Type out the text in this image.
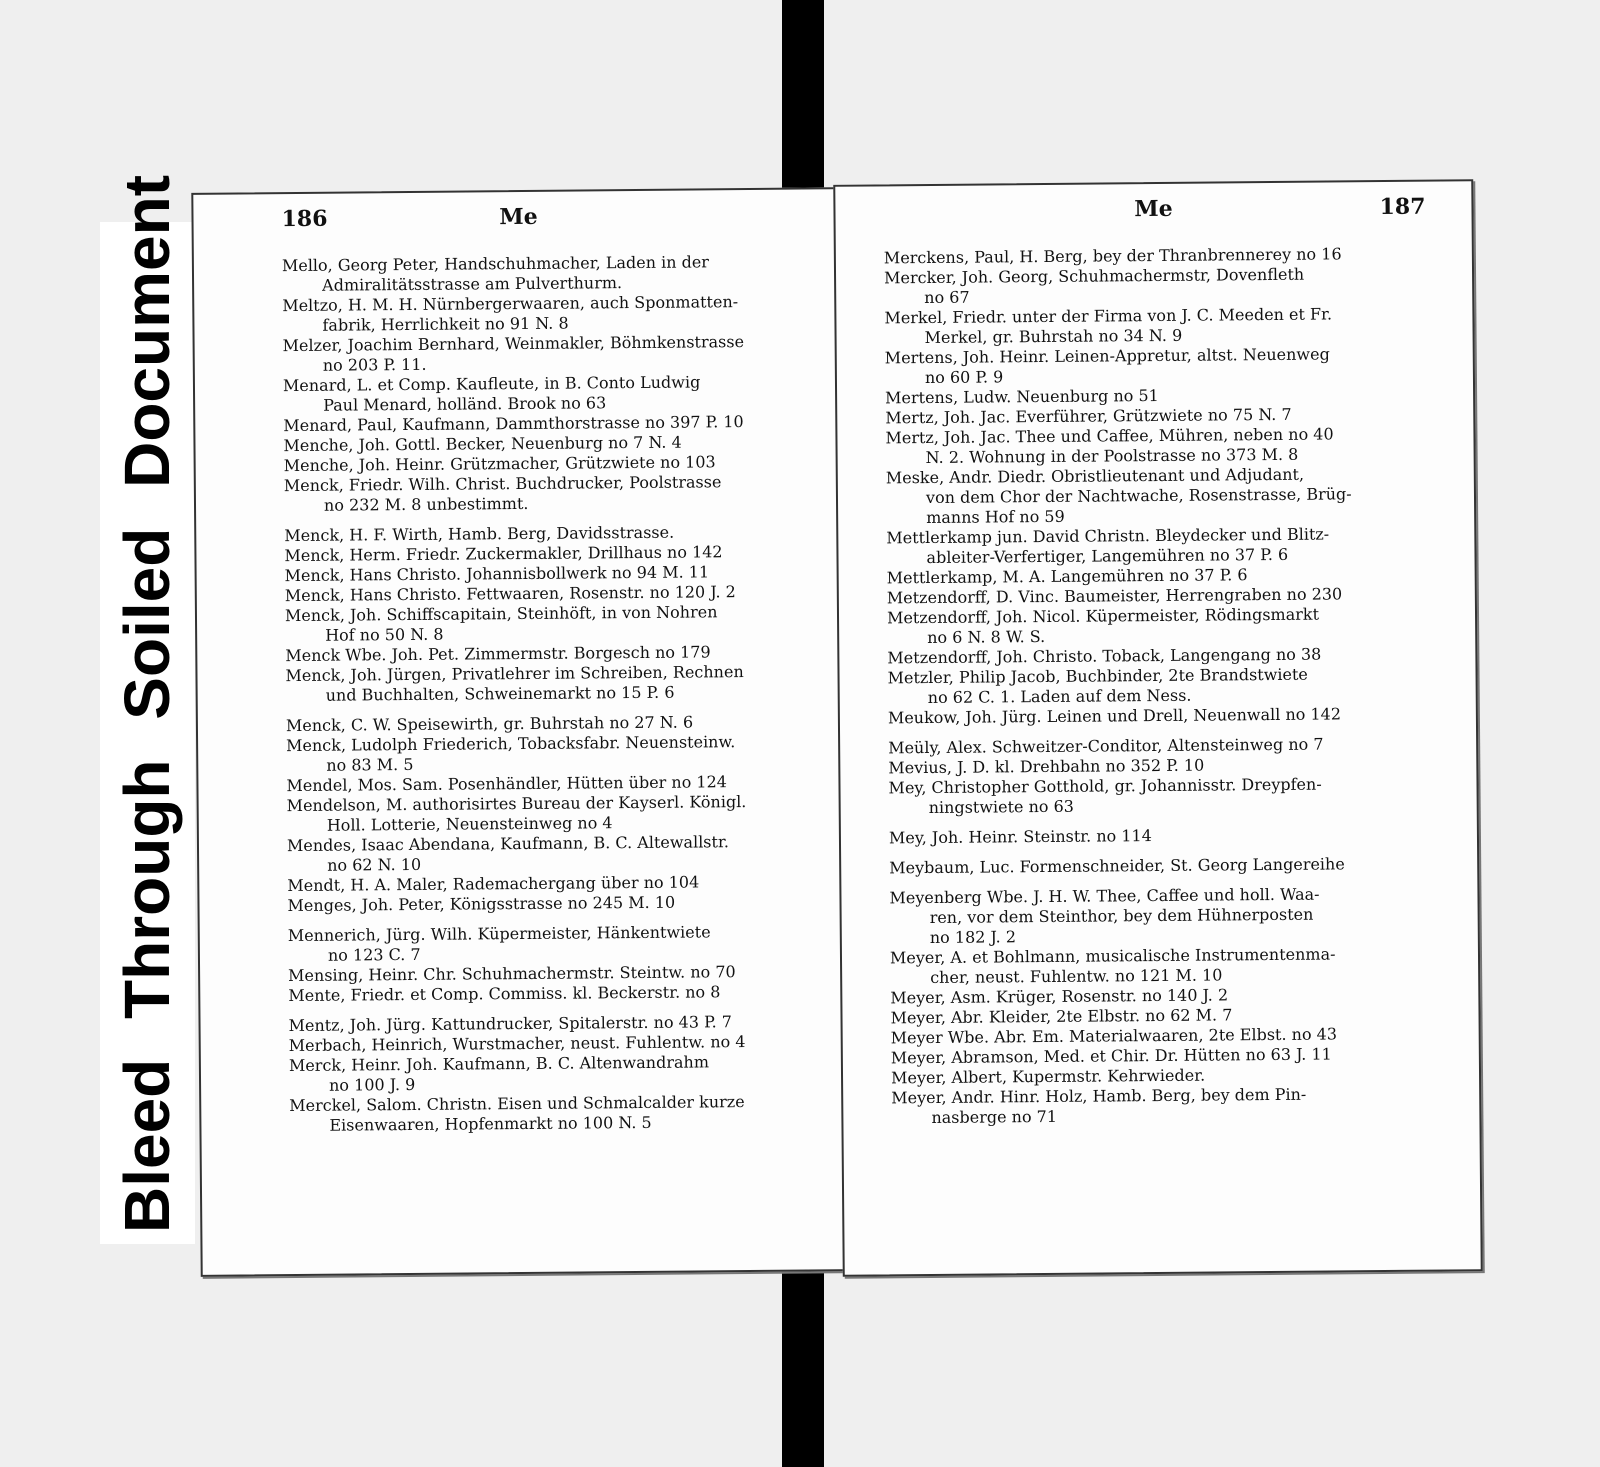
Bleed Through Soiled Document	186	Me
Mello, Georg Peter, Handschuhmacher, Laden in der
Admiralitätsstrasse am Pulverthurm.
Meltzo, H. M. H. Nürnbergerwaaren, auch Sponmatten-
fabrik, Herrlichkeit no 91 N. 8
Melzer, Joachim Bernhard, Weinmakler, Böhmkenstrasse
no 203 P. 11.
Menard, L. et Comp. Kaufleute, in B. Conto Ludwig
Paul Menard, holländ. Brook no 63
Menard, Paul, Kaufmann, Dammthorstrasse no 397 P. 10
Menche, Joh. Gottl. Becker, Neuenburg no 7 N. 4
Menche, Joh. Heinr. Grützmacher, Grützwiete no 103
Menck, Friedr. Wilh. Christ. Buchdrucker, Poolstrasse
no 232 M. 8 unbestimmt.
Menck, H. F. Wirth, Hamb. Berg, Davidsstrasse.
Menck, Herm. Friedr. Zuckermakler, Drillhaus no 142
Menck, Hans Christo. Johannisbollwerk no 94 M. 11
Menck, Hans Christo. Fettwaaren, Rosenstr. no 120 J. 2
Menck, Joh. Schiffscapitain, Steinhöft, in von Nohren
Hof no 50 N. 8
Menck Wbe. Joh. Pet. Zimmermstr. Borgesch no 179
Menck, Joh. Jürgen, Privatlehrer im Schreiben, Rechnen
und Buchhalten, Schweinemarkt no 15 P. 6
Menck, C. W. Speisewirth, gr. Buhrstah no 27 N. 6
Menck, Ludolph Friederich, Tobacksfabr. Neuensteinw.
no 83 M. 5
Mendel, Mos. Sam. Posenhändler, Hütten über no 124
Mendelson, M. authorisirtes Bureau der Kayserl. Königl.
Holl. Lotterie, Neuensteinweg no 4
Mendes, Isaac Abendana, Kaufmann, B. C. Altewallstr.
no 62 N. 10
Mendt, H. A. Maler, Rademachergang über no 104
Menges, Joh. Peter, Königsstrasse no 245 M. 10
Mennerich, Jürg. Wilh. Küpermeister, Hänkentwiete
no 123 C. 7
Mensing, Heinr. Chr. Schuhmachermstr. Steintw. no 70
Mente, Friedr. et Comp. Commiss. kl. Beckerstr. no 8
Mentz, Joh. Jürg. Kattundrucker, Spitalerstr. no 43 P. 7
Merbach, Heinrich, Wurstmacher, neust. Fuhlentw. no 4
Merck, Heinr. Joh. Kaufmann, B. C. Altenwandrahm
no 100 J. 9
Merckel, Salom. Christn. Eisen und Schmalcalder kurze
Eisenwaaren, Hopfenmarkt no 100 N. 5
Me	187
Merckens, Paul, H. Berg, bey der Thranbrennerey no 16
Mercker, Joh. Georg, Schuhmachermstr, Dovenfleth
no 67
Merkel, Friedr. unter der Firma von J. C. Meeden et Fr.
Merkel, gr. Buhrstah no 34 N. 9
Mertens, Joh. Heinr. Leinen-Appretur, altst. Neuenweg
no 60 P. 9
Mertens, Ludw. Neuenburg no 51
Mertz, Joh. Jac. Everführer, Grützwiete no 75 N. 7
Mertz, Joh. Jac. Thee und Caffee, Mühren, neben no 40
N. 2. Wohnung in der Poolstrasse no 373 M. 8
Meske, Andr. Diedr. Obristlieutenant und Adjudant,
von dem Chor der Nachtwache, Rosenstrasse, Brüg-
manns Hof no 59
Mettlerkamp jun. David Christn. Bleydecker und Blitz-
ableiter-Verfertiger, Langemühren no 37 P. 6
Mettlerkamp, M. A. Langemühren no 37 P. 6
Metzendorff, D. Vinc. Baumeister, Herrengraben no 230
Metzendorff, Joh. Nicol. Küpermeister, Rödingsmarkt
no 6 N. 8 W. S.
Metzendorff, Joh. Christo. Toback, Langengang no 38
Metzler, Philip Jacob, Buchbinder, 2te Brandstwiete
no 62 C. 1. Laden auf dem Ness.
Meukow, Joh. Jürg. Leinen und Drell, Neuenwall no 142
Meüly, Alex. Schweitzer-Conditor, Altensteinweg no 7
Mevius, J. D. kl. Drehbahn no 352 P. 10
Mey, Christopher Gotthold, gr. Johannisstr. Dreypfen-
ningstwiete no 63
Mey, Joh. Heinr. Steinstr. no 114
Meybaum, Luc. Formenschneider, St. Georg Langereihe
Meyenberg Wbe. J. H. W. Thee, Caffee und holl. Waa-
ren, vor dem Steinthor, bey dem Hühnerposten
no 182 J. 2
Meyer, A. et Bohlmann, musicalische Instrumentenma-
cher, neust. Fuhlentw. no 121 M. 10
Meyer, Asm. Krüger, Rosenstr. no 140 J. 2
Meyer, Abr. Kleider, 2te Elbstr. no 62 M. 7
Meyer Wbe. Abr. Em. Materialwaaren, 2te Elbst. no 43
Meyer, Abramson, Med. et Chir. Dr. Hütten no 63 J. 11
Meyer, Albert, Kupermstr. Kehrwieder.
Meyer, Andr. Hinr. Holz, Hamb. Berg, bey dem Pin-
nasberge no 71
